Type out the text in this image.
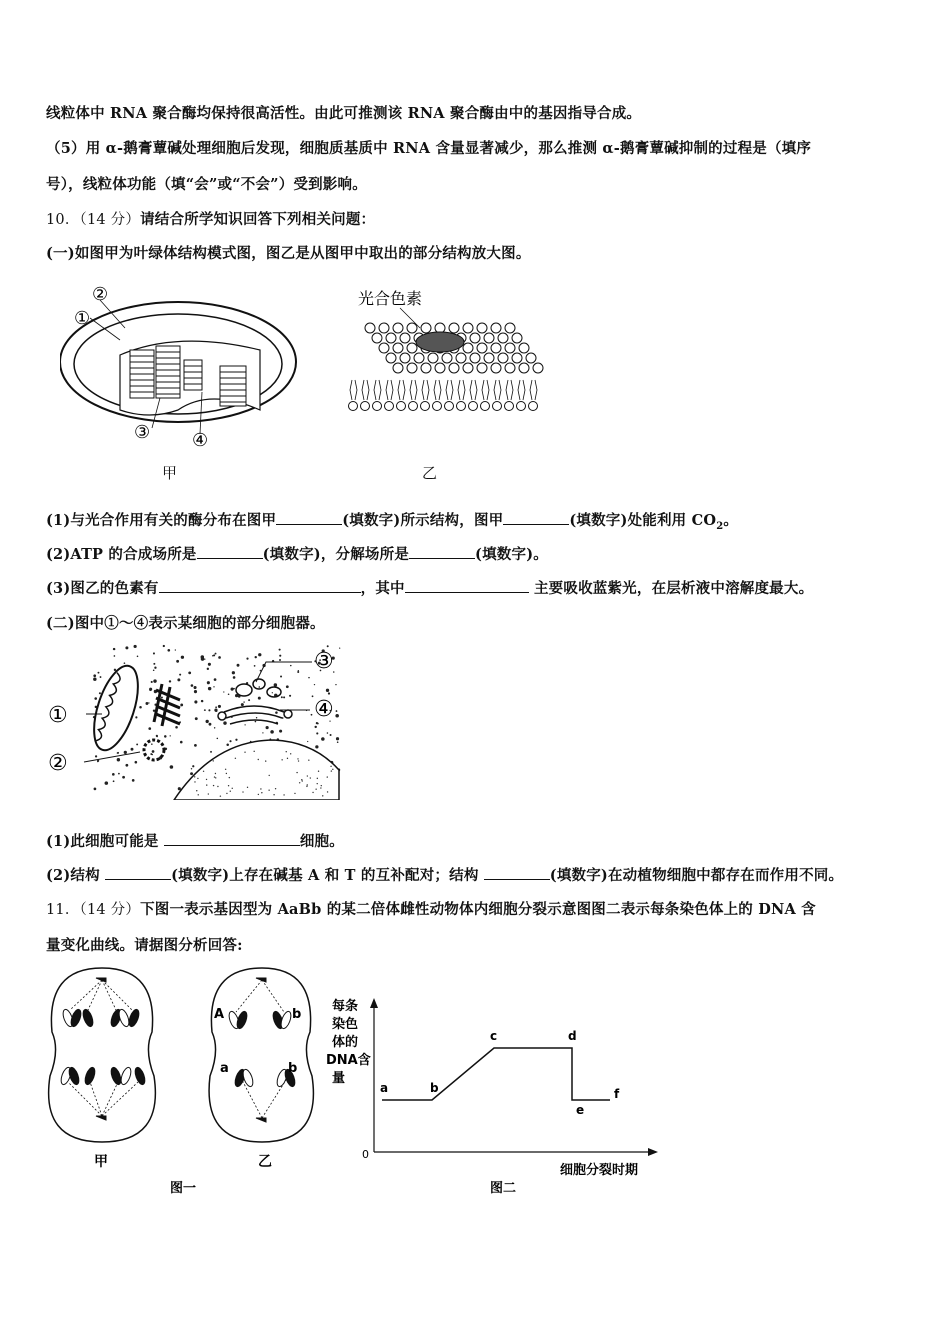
线粒体中 RNA 聚合酶均保持很高活性。由此可推测该 RNA 聚合酶由中的基因指导合成。
（5）用 α-鹅膏蕈碱处理细胞后发现，细胞质基质中 RNA 含量显著减少，那么推测 α-鹅膏蕈碱抑制的过程是（填序
号），线粒体功能（填“会”或“不会”）受到影响。
10．（14 分）请结合所学知识回答下列相关问题：
(一)如图甲为叶绿体结构模式图，图乙是从图甲中取出的部分结构放大图。
②
①
③ ④
甲
光合色素
乙
(1)与光合作用有关的酶分布在图甲	(填数字)所示结构，图甲	(填数字)处能利用 $CO_2$。
(2)ATP 的合成场所是	(填数字)，分解场所是	(填数字)。
(3)图乙的色素有	，其中	主要吸收蓝紫光，在层析液中溶解度最大。
(二)图中①～④表示某细胞的部分细胞器。
①
②
③
④
(1)此细胞可能是	细胞。
(2)结构	(填数字)上存在碱基 A 和 T 的互补配对；结构	(填数字)在动植物细胞中都存在而作用不同。
11．（14 分）下图一表示基因型为 AaBb 的某二倍体雌性动物体内细胞分裂示意图图二表示每条染色体上的 DNA 含
量变化曲线。请据图分析回答:
A	b
a	b
甲	乙
图一
每条
染色
体的
DNA含
量
0
a	b
c	d
e
f
细胞分裂时期
图二
